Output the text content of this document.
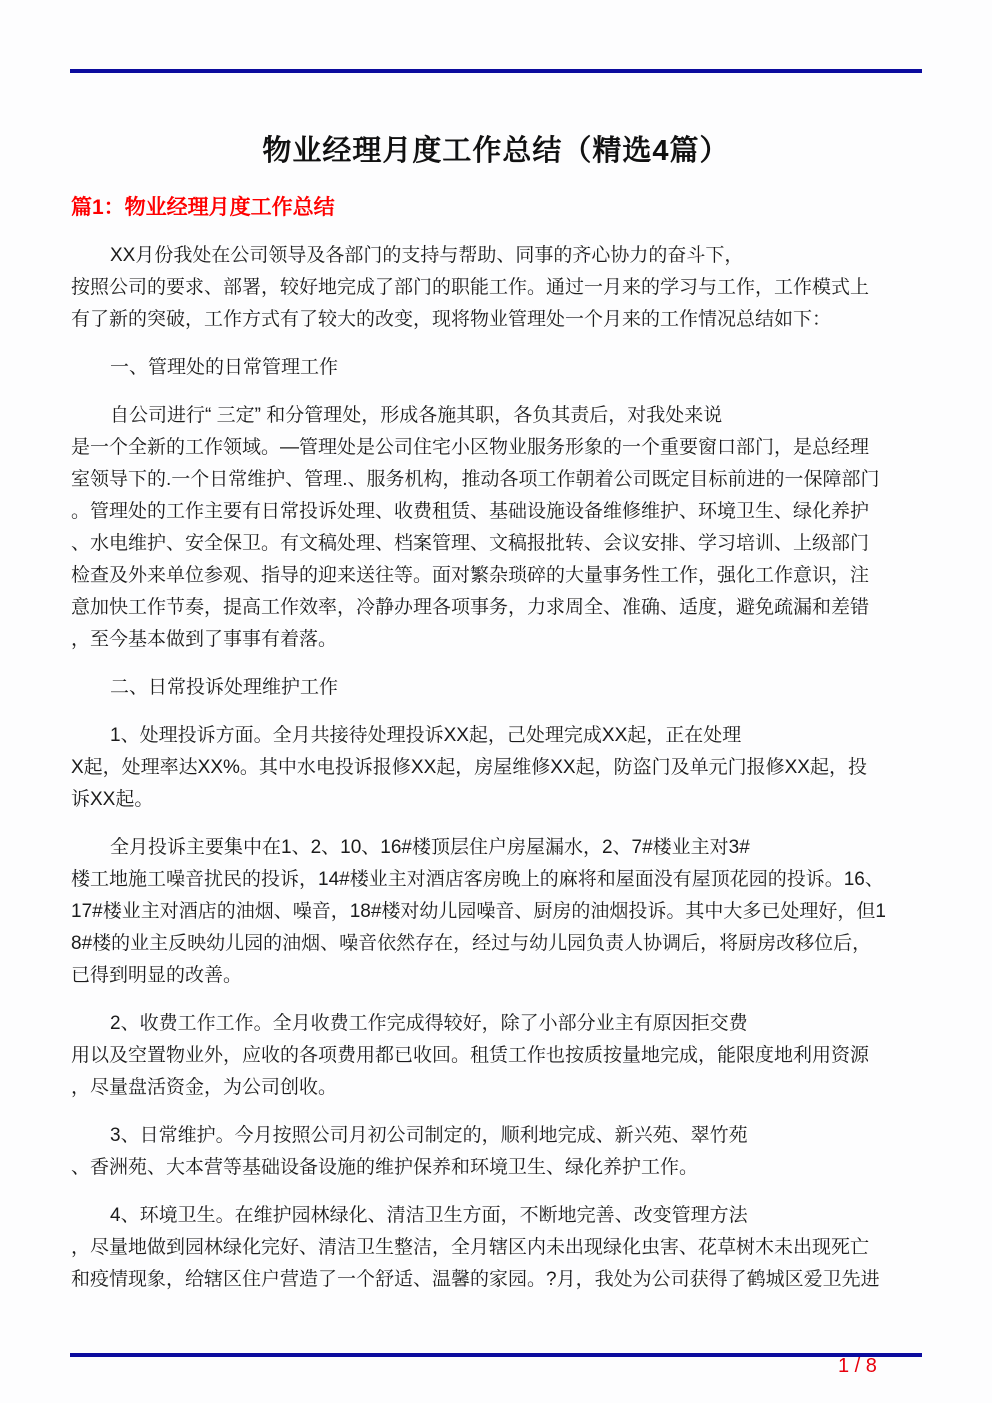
物业经理月度工作总结（精选4篇）
篇1：物业经理月度工作总结

XX月份我处在公司领导及各部门的支持与帮助、同事的齐心协力的奋斗下，
按照公司的要求、部署，较好地完成了部门的职能工作。通过一月来的学习与工作，工作模式上
有了新的突破，工作方式有了较大的改变，现将物业管理处一个月来的工作情况总结如下：

一、管理处的日常管理工作

自公司进行“ 三定” 和分管理处，形成各施其职，各负其责后，对我处来说
是一个全新的工作领域。—管理处是公司住宅小区物业服务形象的一个重要窗口部门，是总经理
室领导下的.一个日常维护、管理.、服务机构，推动各项工作朝着公司既定目标前进的一保障部门
。管理处的工作主要有日常投诉处理、收费租赁、基础设施设备维修维护、环境卫生、绿化养护
、水电维护、安全保卫。有文稿处理、档案管理、文稿报批转、会议安排、学习培训、上级部门
检查及外来单位参观、指导的迎来送往等。面对繁杂琐碎的大量事务性工作，强化工作意识，注
意加快工作节奏，提高工作效率，冷静办理各项事务，力求周全、准确、适度，避免疏漏和差错
，至今基本做到了事事有着落。

二、日常投诉处理维护工作

1、处理投诉方面。全月共接待处理投诉XX起，己处理完成XX起，正在处理
X起，处理率达XX%。其中水电投诉报修XX起，房屋维修XX起，防盗门及单元门报修XX起，投
诉XX起。

全月投诉主要集中在1、2、10、16#楼顶层住户房屋漏水，2、7#楼业主对3#
楼工地施工噪音扰民的投诉，14#楼业主对酒店客房晚上的麻将和屋面没有屋顶花园的投诉。16、
17#楼业主对酒店的油烟、噪音，18#楼对幼儿园噪音、厨房的油烟投诉。其中大多已处理好，但1
8#楼的业主反映幼儿园的油烟、噪音依然存在，经过与幼儿园负责人协调后，将厨房改移位后，
已得到明显的改善。

2、收费工作工作。全月收费工作完成得较好，除了小部分业主有原因拒交费
用以及空置物业外，应收的各项费用都已收回。租赁工作也按质按量地完成，能限度地利用资源
，尽量盘活资金，为公司创收。

3、日常维护。今月按照公司月初公司制定的，顺利地完成、新兴苑、翠竹苑
、香洲苑、大本营等基础设备设施的维护保养和环境卫生、绿化养护工作。

4、环境卫生。在维护园林绿化、清洁卫生方面，不断地完善、改变管理方法
，尽量地做到园林绿化完好、清洁卫生整洁，全月辖区内未出现绿化虫害、花草树木未出现死亡
和疫情现象，给辖区住户营造了一个舒适、温馨的家园。?月，我处为公司获得了鹤城区爱卫先进

1 / 8
